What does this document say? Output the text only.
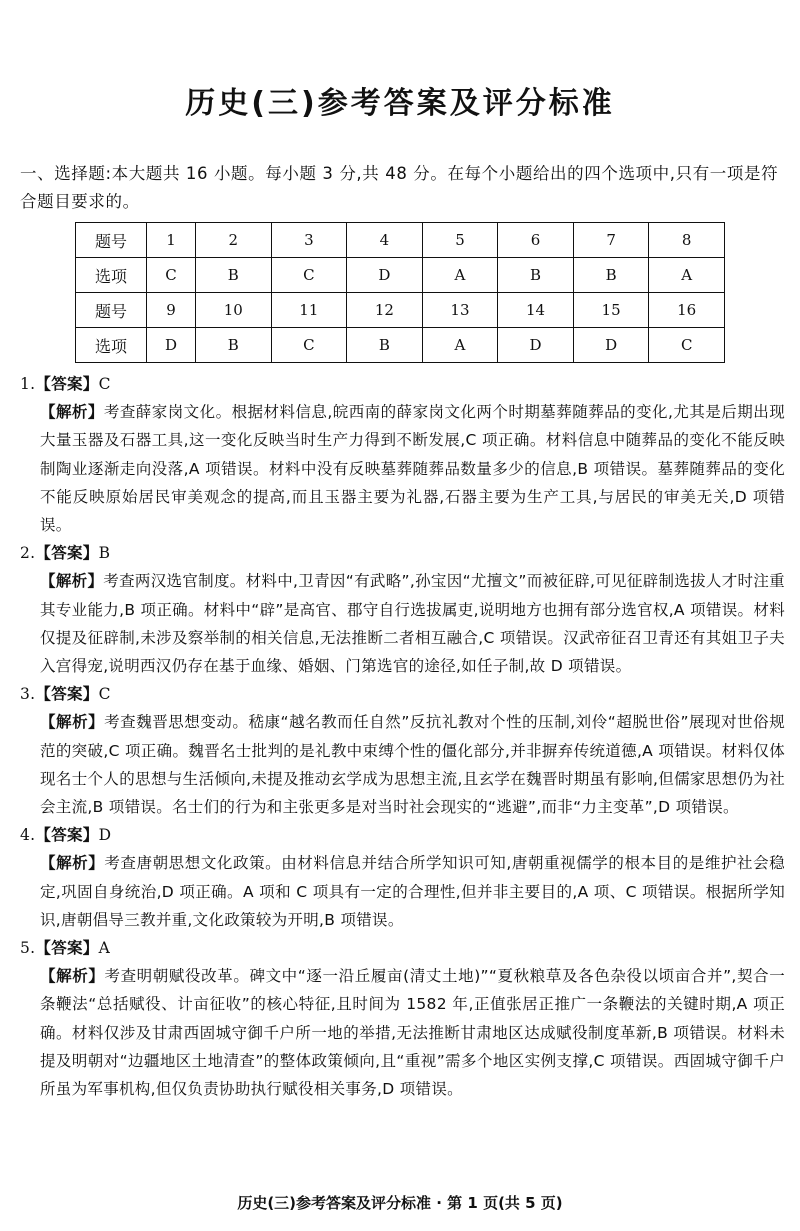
历史(三)参考答案及评分标准
一、选择题:本大题共 16 小题。每小题 3 分,共 48 分。在每个小题给出的四个选项中,只有一项是符合题目要求的。
题号	1	2	3	4	5	6	7	8
选项	C	B	C	D	A	B	B	A
题号	9	10	11	12	13	14	15	16
选项	D	B	C	B	A	D	D	C

1.【答案】C

【解析】考查薛家岗文化。根据材料信息,皖西南的薛家岗文化两个时期墓葬随葬品的变化,尤其是后期出现大量玉器及石器工具,这一变化反映当时生产力得到不断发展,C 项正确。材料信息中随葬品的变化不能反映制陶业逐渐走向没落,A 项错误。材料中没有反映墓葬随葬品数量多少的信息,B 项错误。墓葬随葬品的变化不能反映原始居民审美观念的提高,而且玉器主要为礼器,石器主要为生产工具,与居民的审美无关,D 项错误。

2.【答案】B

【解析】考查两汉选官制度。材料中,卫青因“有武略”,孙宝因“尤擅文”而被征辟,可见征辟制选拔人才时注重其专业能力,B 项正确。材料中“辟”是高官、郡守自行选拔属吏,说明地方也拥有部分选官权,A 项错误。材料仅提及征辟制,未涉及察举制的相关信息,无法推断二者相互融合,C 项错误。汉武帝征召卫青还有其姐卫子夫入宫得宠,说明西汉仍存在基于血缘、婚姻、门第选官的途径,如任子制,故 D 项错误。

3.【答案】C

【解析】考查魏晋思想变动。嵇康“越名教而任自然”反抗礼教对个性的压制,刘伶“超脱世俗”展现对世俗规范的突破,C 项正确。魏晋名士批判的是礼教中束缚个性的僵化部分,并非摒弃传统道德,A 项错误。材料仅体现名士个人的思想与生活倾向,未提及推动玄学成为思想主流,且玄学在魏晋时期虽有影响,但儒家思想仍为社会主流,B 项错误。名士们的行为和主张更多是对当时社会现实的“逃避”,而非“力主变革”,D 项错误。

4.【答案】D

【解析】考查唐朝思想文化政策。由材料信息并结合所学知识可知,唐朝重视儒学的根本目的是维护社会稳定,巩固自身统治,D 项正确。A 项和 C 项具有一定的合理性,但并非主要目的,A 项、C 项错误。根据所学知识,唐朝倡导三教并重,文化政策较为开明,B 项错误。

5.【答案】A

【解析】考查明朝赋役改革。碑文中“逐一沿丘履亩(清丈土地)”“夏秋粮草及各色杂役以顷亩合并”,契合一条鞭法“总括赋役、计亩征收”的核心特征,且时间为 1582 年,正值张居正推广一条鞭法的关键时期,A 项正确。材料仅涉及甘肃西固城守御千户所一地的举措,无法推断甘肃地区达成赋役制度革新,B 项错误。材料未提及明朝对“边疆地区土地清查”的整体政策倾向,且“重视”需多个地区实例支撑,C 项错误。西固城守御千户所虽为军事机构,但仅负责协助执行赋役相关事务,D 项错误。

历史(三)参考答案及评分标准 · 第 1 页(共 5 页)
